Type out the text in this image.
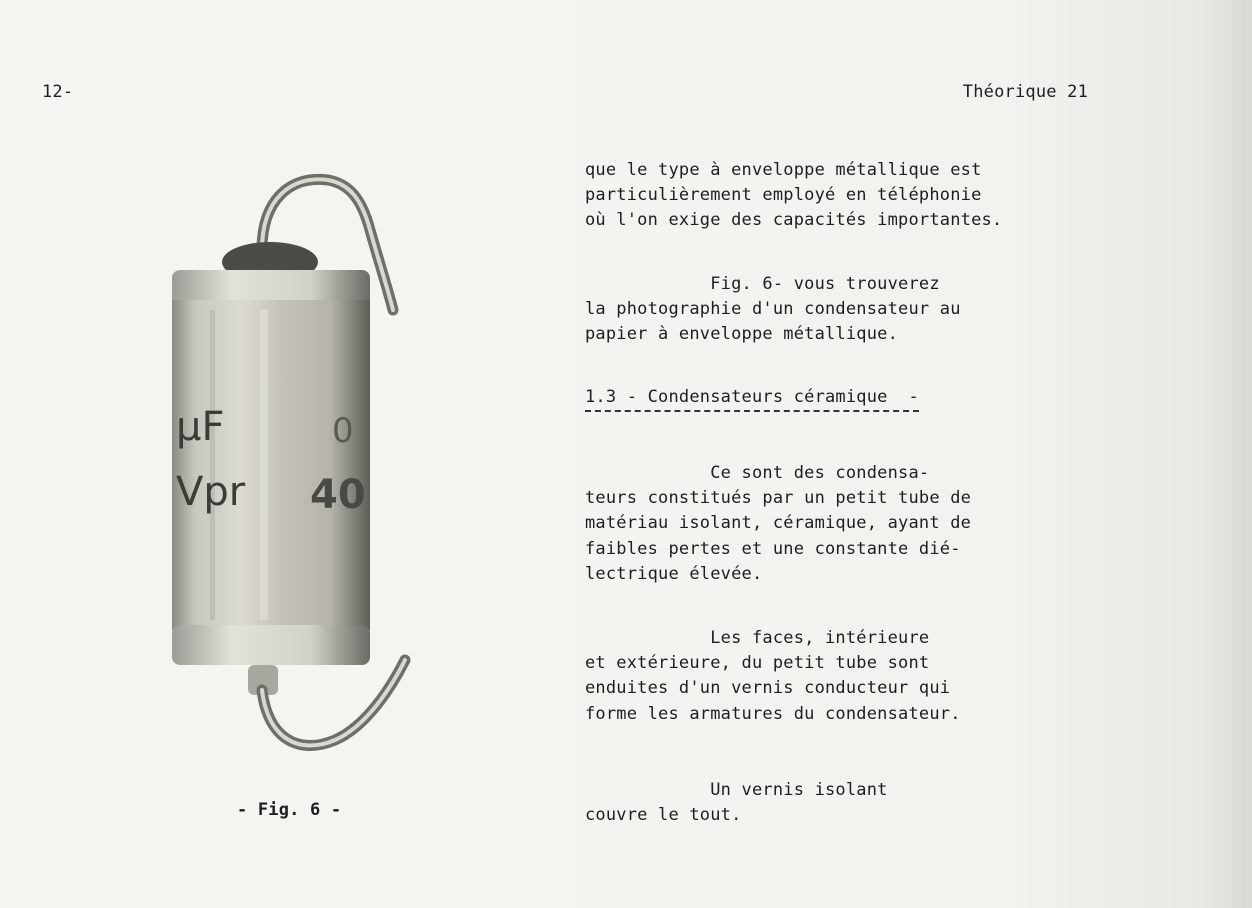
12-	Théorique 21
μF
Vpr
0
40
- Fig. 6 -
que le type à enveloppe métallique est
particulièrement employé en téléphonie
où l'on exige des capacités importantes.
Fig. 6- vous trouverez
la photographie d'un condensateur au
papier à enveloppe métallique.
1.3 - Condensateurs céramique  -
Ce sont des condensa-
teurs constitués par un petit tube de
matériau isolant, céramique, ayant de
faibles pertes et une constante dié-
lectrique élevée.
Les faces, intérieure
et extérieure, du petit tube sont
enduites d'un vernis conducteur qui
forme les armatures du condensateur.
Un vernis isolant
couvre le tout.
